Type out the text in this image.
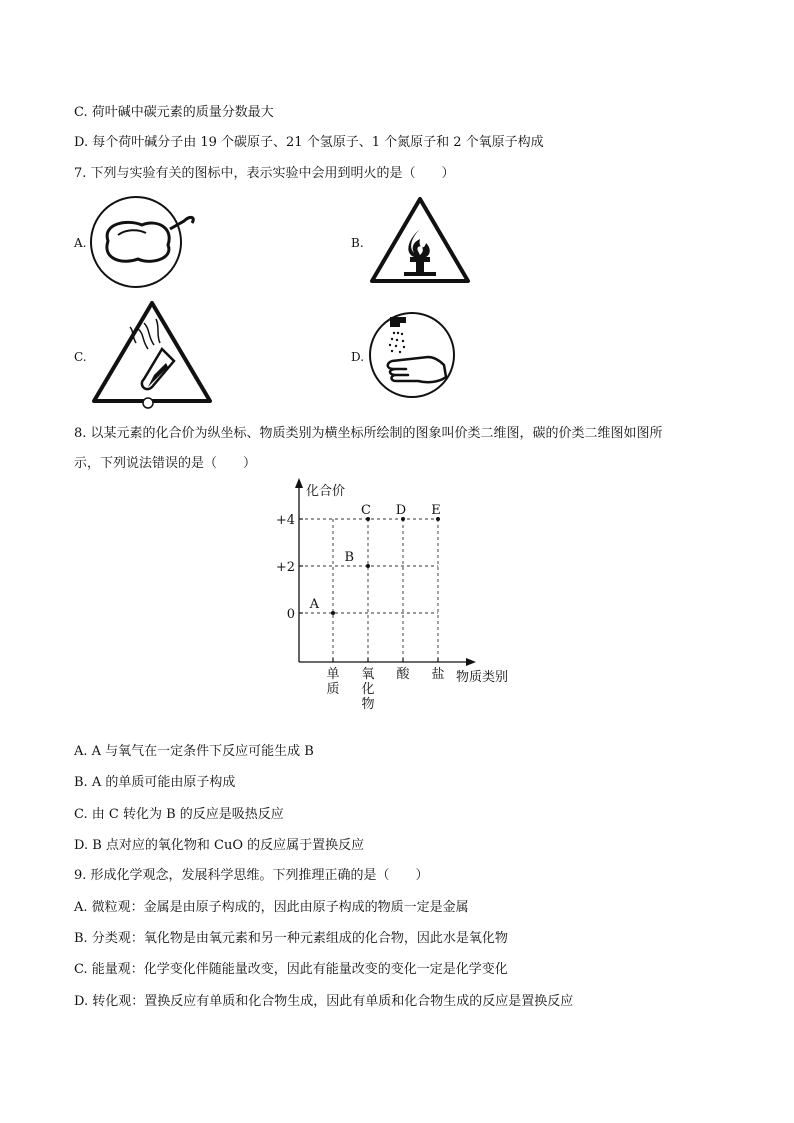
C. 荷叶碱中碳元素的质量分数最大
D. 每个荷叶碱分子由 19 个碳原子、21 个氢原子、1 个氮原子和 2 个氧原子构成
7. 下列与实验有关的图标中，表示实验中会用到明火的是（　　）
A.	B.
C.	D.
8. 以某元素的化合价为纵坐标、物质类别为横坐标所绘制的图象叫价类二维图，碳的价类二维图如图所
示，下列说法错误的是（　　）
化合价
物质类别
0
+2
+4
单质
氧化物
酸 盐
A
B
C D E
A. A 与氧气在一定条件下反应可能生成 B
B. A 的单质可能由原子构成
C. 由 C 转化为 B 的反应是吸热反应
D. B 点对应的氧化物和 CuO 的反应属于置换反应
9. 形成化学观念，发展科学思维。下列推理正确的是（　　）
A. 微粒观：金属是由原子构成的，因此由原子构成的物质一定是金属
B. 分类观：氧化物是由氧元素和另一种元素组成的化合物，因此水是氧化物
C. 能量观：化学变化伴随能量改变，因此有能量改变的变化一定是化学变化
D. 转化观：置换反应有单质和化合物生成，因此有单质和化合物生成的反应是置换反应
